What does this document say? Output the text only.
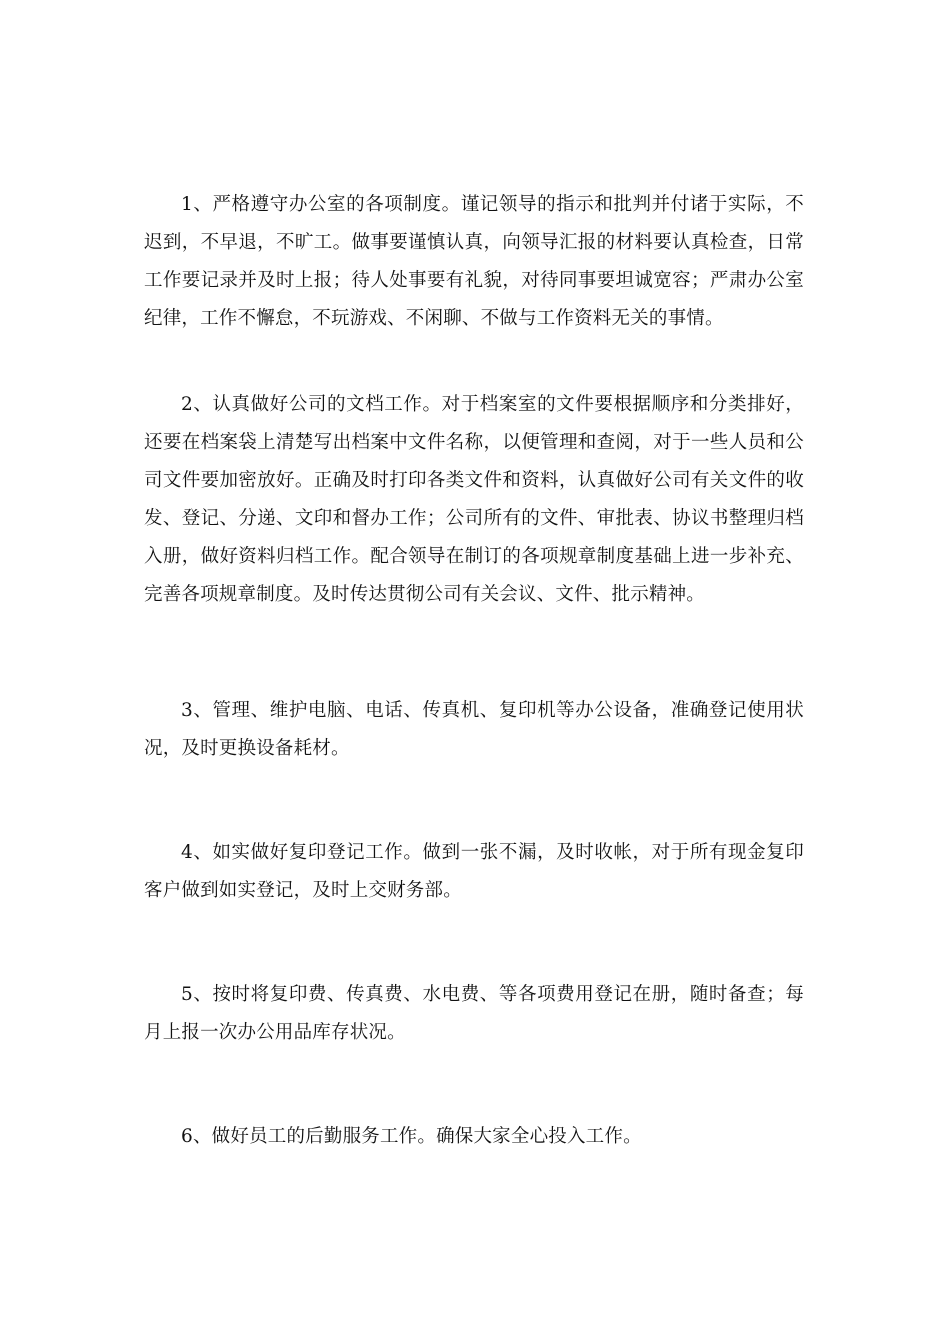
1、严格遵守办公室的各项制度。谨记领导的指示和批判并付诸于实际，不迟到，不早退，不旷工。做事要谨慎认真，向领导汇报的材料要认真检查，日常工作要记录并及时上报；待人处事要有礼貌，对待同事要坦诚宽容；严肃办公室纪律，工作不懈怠，不玩游戏、不闲聊、不做与工作资料无关的事情。

2、认真做好公司的文档工作。对于档案室的文件要根据顺序和分类排好，还要在档案袋上清楚写出档案中文件名称，以便管理和查阅，对于一些人员和公司文件要加密放好。正确及时打印各类文件和资料，认真做好公司有关文件的收发、登记、分递、文印和督办工作；公司所有的文件、审批表、协议书整理归档入册，做好资料归档工作。配合领导在制订的各项规章制度基础上进一步补充、完善各项规章制度。及时传达贯彻公司有关会议、文件、批示精神。

3、管理、维护电脑、电话、传真机、复印机等办公设备，准确登记使用状况，及时更换设备耗材。

4、如实做好复印登记工作。做到一张不漏，及时收帐，对于所有现金复印客户做到如实登记，及时上交财务部。

5、按时将复印费、传真费、水电费、等各项费用登记在册，随时备查；每月上报一次办公用品库存状况。

6、做好员工的后勤服务工作。确保大家全心投入工作。
